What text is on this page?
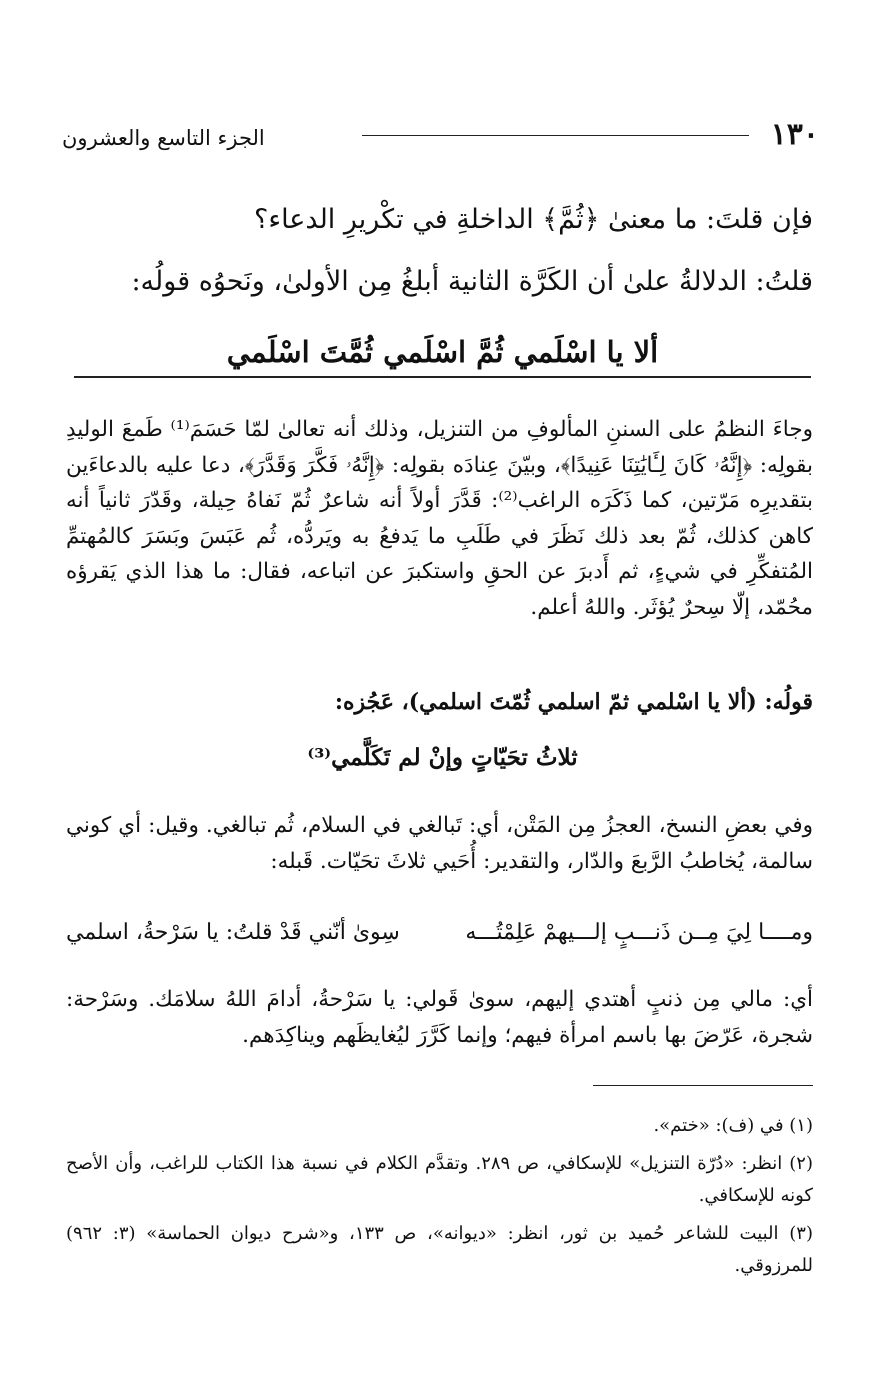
١٣٠
الجزء التاسع والعشرون
فإن قلتَ: ما معنىٰ ﴿ثُمَّ﴾ الداخلةِ في تكْريرِ الدعاء؟
قلتُ: الدلالةُ علىٰ أن الكَرَّة الثانية أبلغُ مِن الأولىٰ، ونَحوُه قولُه:
ألا يا اسْلَمي ثُمَّ اسْلَمي ثُمَّتَ اسْلَمي
وجاءَ النظمُ على السننِ المألوفِ من التنزيل، وذلك أنه تعالىٰ لمّا حَسَمَ⁽¹⁾ طَمعَ الوليدِ بقولِه: ﴿إِنَّهُۥ كَانَ لِـَٔايَٰتِنَا عَنِيدًا﴾، وبيّنَ عِنادَه بقولِه: ﴿إِنَّهُۥ فَكَّرَ وَقَدَّرَ﴾، دعا عليه بالدعاءَين بتقديرِه مَرّتين، كما ذَكَرَه الراغب⁽²⁾: قَدَّرَ أولاً أنه شاعرٌ ثُمّ نَفاهُ حِيلة، وقَدّرَ ثانياً أنه كاهن كذلك، ثُمّ بعد ذلك نَظَرَ في طَلَبِ ما يَدفعُ به ويَردُّه، ثُم عَبَسَ وبَسَرَ كالمُهتمِّ المُتفكِّرِ في شيءٍ، ثم أَدبرَ عن الحقِ واستكبرَ عن اتباعه، فقال: ما هذا الذي يَقرؤه محُمّد، إلّا سِحرٌ يُؤثَر. واللهُ أعلم.
قولُه: (ألا يا اسْلمي ثمّ اسلمي ثُمّتَ اسلمي)، عَجُزه:
ثلاثُ تحَيّاتٍ وإنْ لم تَكَلَّمي⁽³⁾
وفي بعضِ النسخ، العجزُ مِن المَتْن، أي: تَبالغي في السلام، ثُم تبالغي. وقيل: أي كوني سالمة، يُخاطبُ الرَّبعَ والدّار، والتقدير: أُحَيي ثلاثَ تحَيّات. قَبله:
ومــــا لِيَ مِــن ذَنـــبٍ إلـــيهمْ عَلِمْتُـــه
سِوىٰ أنّني قَدْ قلتُ: يا سَرْحةُ، اسلمي
أي: مالي مِن ذنبٍ أهتدي إليهم، سوىٰ قَولي: يا سَرْحةُ، أدامَ اللهُ سلامَك. وسَرْحة: شجرة، عَرّضَ بها باسم امرأة فيهم؛ وإنما كَرَّرَ ليُغايظَهم ويناكِدَهم.

(١) في (ف): «ختم».

(٢) انظر: «دُرّة التنزيل» للإسكافي، ص ٢٨٩. وتقدَّم الكلام في نسبة هذا الكتاب للراغب، وأن الأصح كونه للإسكافي.

(٣) البيت للشاعر حُميد بن ثور، انظر: «ديوانه»، ص ١٣٣، و«شرح ديوان الحماسة» (٣: ٩٦٢) للمرزوقي.
